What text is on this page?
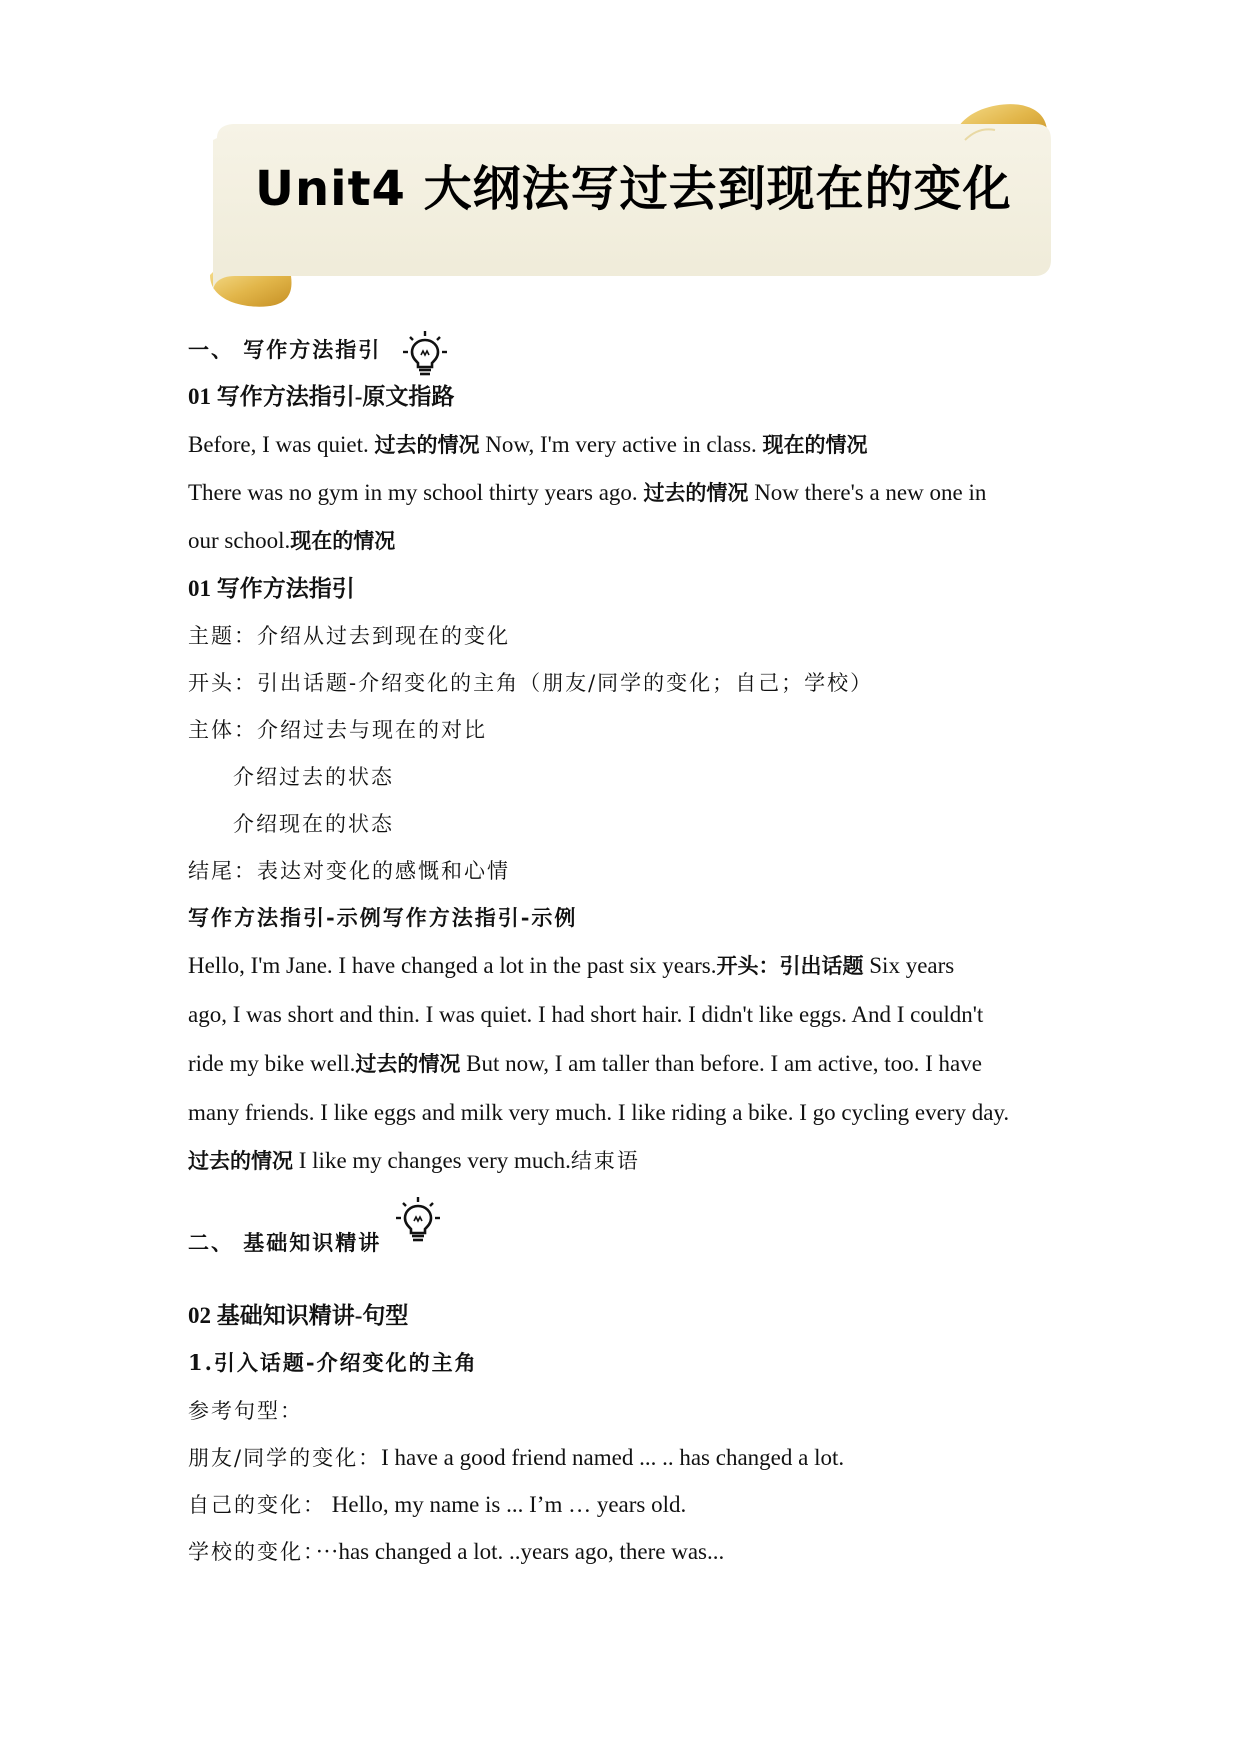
Unit4 大纲法写过去到现在的变化
一、 写作方法指引
01 写作方法指引-原文指路
Before, I was quiet. 过去的情况 Now, I'm very active in class. 现在的情况
There was no gym in my school thirty years ago. 过去的情况 Now there's a new one in
our school.现在的情况
01 写作方法指引
主题：介绍从过去到现在的变化
开头：引出话题-介绍变化的主角（朋友/同学的变化；自己；学校）
主体：介绍过去与现在的对比
介绍过去的状态
介绍现在的状态
结尾：表达对变化的感慨和心情
写作方法指引-示例写作方法指引-示例
Hello, I'm Jane. I have changed a lot in the past six years.开头：引出话题 Six years
ago, I was short and thin. I was quiet. I had short hair. I didn't like eggs. And I couldn't
ride my bike well.过去的情况 But now, I am taller than before. I am active, too. I have
many friends. I like eggs and milk very much. I like riding a bike. I go cycling every day.
过去的情况 I like my changes very much.结束语
二、 基础知识精讲
02 基础知识精讲-句型
1.引入话题-介绍变化的主角
参考句型：
朋友/同学的变化：I have a good friend named ... .. has changed a lot.
自己的变化： Hello, my name is ... I’m … years old.
学校的变化：···has changed a lot. ..years ago, there was...
